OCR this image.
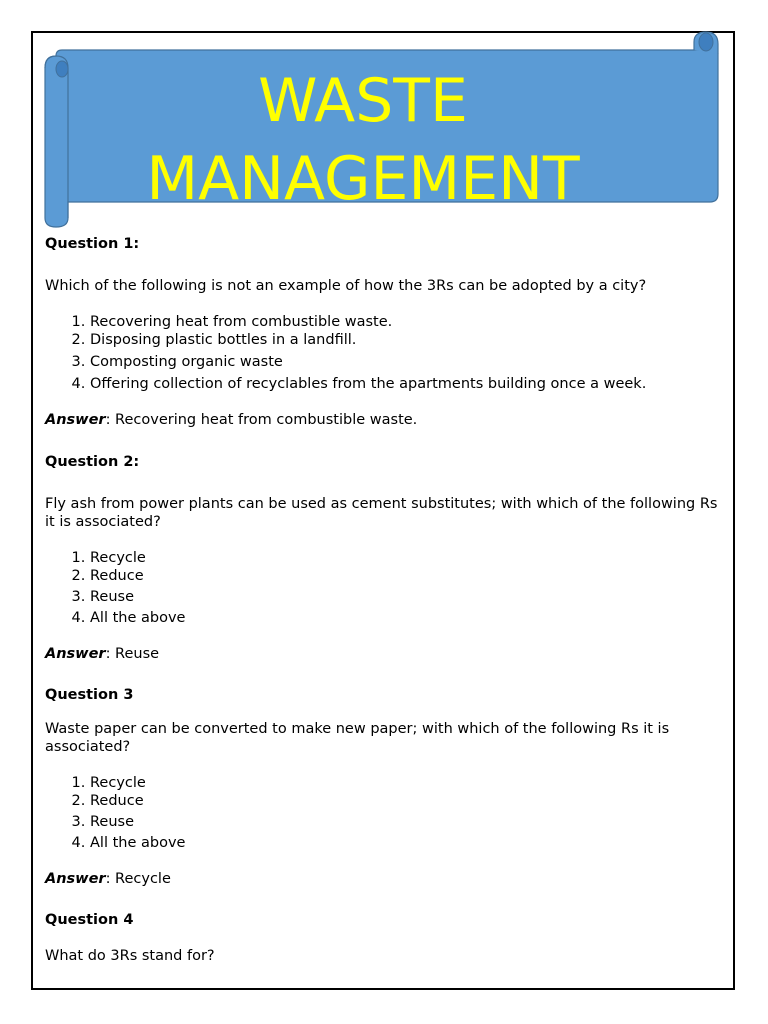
WASTE
MANAGEMENT

Question 1:

Which of the following is not an example of how the 3Rs can be adopted by a city?

1. Recovering heat from combustible waste.
2. Disposing plastic bottles in a landfill.
3. Composting organic waste
4. Offering collection of recyclables from the apartments building once a week.

Answer: Recovering heat from combustible waste.

Question 2:

Fly ash from power plants can be used as cement substitutes; with which of the following Rs it is associated?

1. Recycle
2. Reduce
3. Reuse
4. All the above

Answer: Reuse

Question 3

Waste paper can be converted to make new paper; with which of the following Rs it is associated?

1. Recycle
2. Reduce
3. Reuse
4. All the above

Answer: Recycle

Question 4

What do 3Rs stand for?
